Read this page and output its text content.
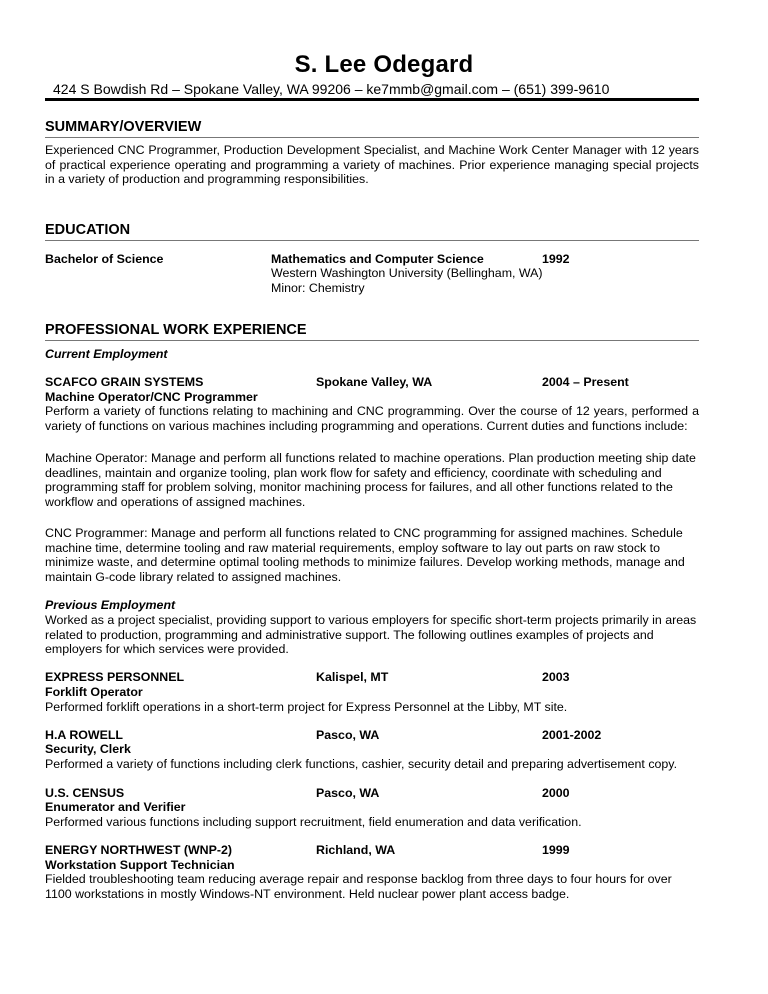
S. Lee Odegard
424 S Bowdish Rd – Spokane Valley, WA 99206 – ke7mmb@gmail.com – (651) 399-9610
SUMMARY/OVERVIEW
Experienced CNC Programmer, Production Development Specialist, and Machine Work Center Manager with 12 years of practical experience operating and programming a variety of machines. Prior experience managing special projects in a variety of production and programming responsibilities.
EDUCATION
Bachelor of Science	Mathematics and Computer Science	1992
Western Washington University (Bellingham, WA)
Minor: Chemistry
PROFESSIONAL WORK EXPERIENCE
Current Employment
SCAFCO GRAIN SYSTEMS	Spokane Valley, WA	2004 – Present
Machine Operator/CNC Programmer
Perform a variety of functions relating to machining and CNC programming. Over the course of 12 years, performed a variety of functions on various machines including programming and operations. Current duties and functions include:
Machine Operator: Manage and perform all functions related to machine operations. Plan production meeting ship date deadlines, maintain and organize tooling, plan work flow for safety and efficiency, coordinate with scheduling and programming staff for problem solving, monitor machining process for failures, and all other functions related to the workflow and operations of assigned machines.
CNC Programmer: Manage and perform all functions related to CNC programming for assigned machines. Schedule machine time, determine tooling and raw material requirements, employ software to lay out parts on raw stock to minimize waste, and determine optimal tooling methods to minimize failures. Develop working methods, manage and maintain G-code library related to assigned machines.
Previous Employment
Worked as a project specialist, providing support to various employers for specific short-term projects primarily in areas related to production, programming and administrative support. The following outlines examples of projects and employers for which services were provided.
EXPRESS PERSONNEL	Kalispel, MT	2003
Forklift Operator
Performed forklift operations in a short-term project for Express Personnel at the Libby, MT site.
H.A ROWELL	Pasco, WA	2001-2002
Security, Clerk
Performed a variety of functions including clerk functions, cashier, security detail and preparing advertisement copy.
U.S. CENSUS	Pasco, WA	2000
Enumerator and Verifier
Performed various functions including support recruitment, field enumeration and data verification.
ENERGY NORTHWEST (WNP-2)	Richland, WA	1999
Workstation Support Technician
Fielded troubleshooting team reducing average repair and response backlog from three days to four hours for over 1100 workstations in mostly Windows-NT environment. Held nuclear power plant access badge.
